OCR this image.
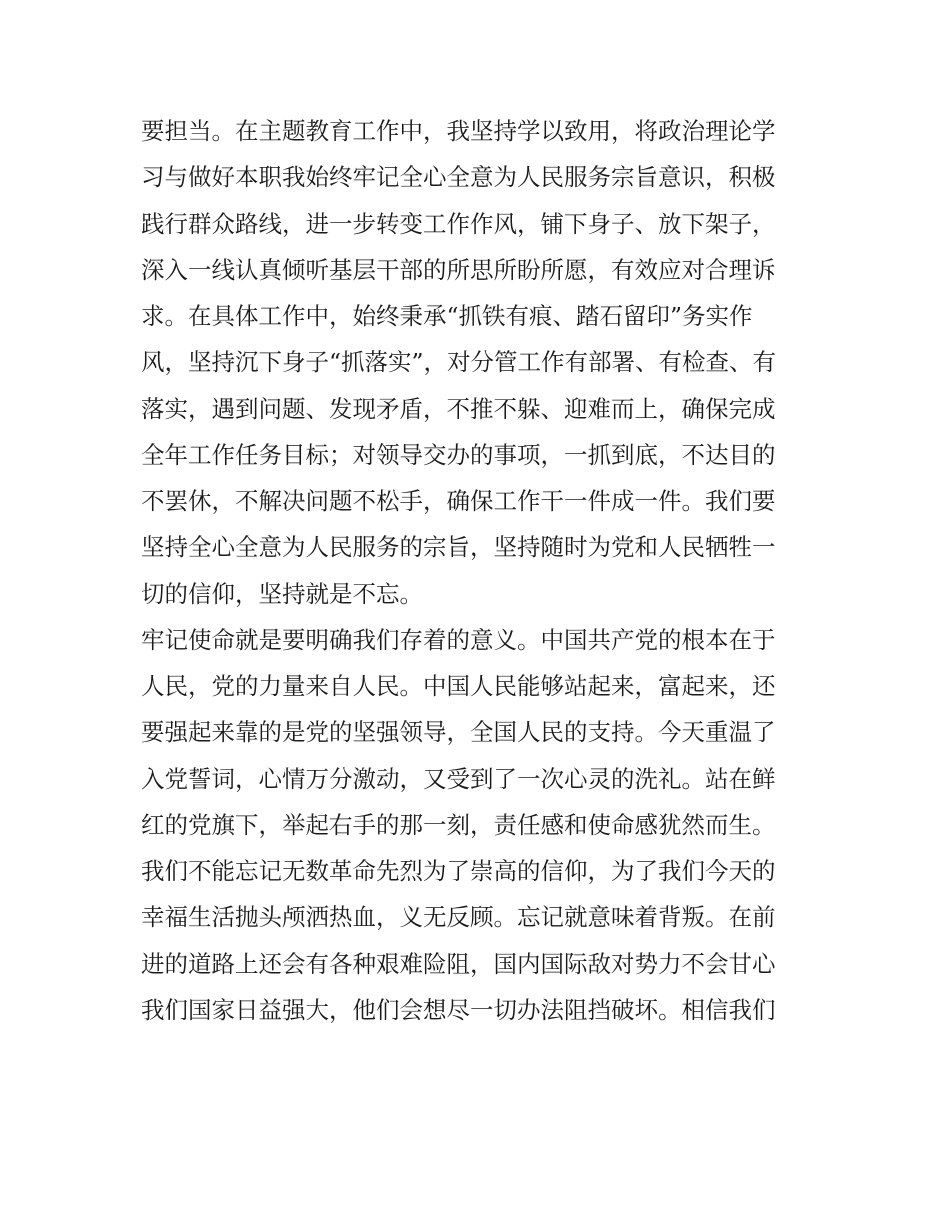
要担当。在主题教育工作中，我坚持学以致用，将政治理论学
习与做好本职我始终牢记全心全意为人民服务宗旨意识，积极
践行群众路线，进一步转变工作作风，铺下身子、放下架子，
深入一线认真倾听基层干部的所思所盼所愿，有效应对合理诉
求。在具体工作中，始终秉承“抓铁有痕、踏石留印”务实作
风，坚持沉下身子“抓落实”，对分管工作有部署、有检查、有
落实，遇到问题、发现矛盾，不推不躲、迎难而上，确保完成
全年工作任务目标；对领导交办的事项，一抓到底，不达目的
不罢休，不解决问题不松手，确保工作干一件成一件。我们要
坚持全心全意为人民服务的宗旨，坚持随时为党和人民牺牲一
切的信仰，坚持就是不忘。
牢记使命就是要明确我们存着的意义。中国共产党的根本在于
人民，党的力量来自人民。中国人民能够站起来，富起来，还
要强起来靠的是党的坚强领导，全国人民的支持。今天重温了
入党誓词，心情万分激动，又受到了一次心灵的洗礼。站在鲜
红的党旗下，举起右手的那一刻，责任感和使命感犹然而生。
我们不能忘记无数革命先烈为了崇高的信仰，为了我们今天的
幸福生活抛头颅洒热血，义无反顾。忘记就意味着背叛。在前
进的道路上还会有各种艰难险阻，国内国际敌对势力不会甘心
我们国家日益强大，他们会想尽一切办法阻挡破坏。相信我们
